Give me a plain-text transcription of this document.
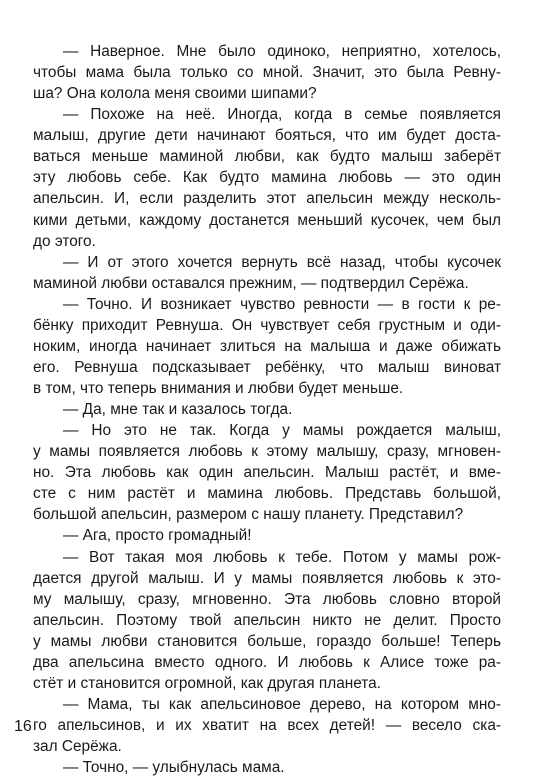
— Наверное. Мне было одиноко, неприятно, хотелось,
чтобы мама была только со мной. Значит, это была Ревну-
ша? Она колола меня своими шипами?
— Похоже на неё. Иногда, когда в семье появляется
малыш, другие дети начинают бояться, что им будет доста-
ваться меньше маминой любви, как будто малыш заберёт
эту любовь себе. Как будто мамина любовь — это один
апельсин. И, если разделить этот апельсин между несколь-
кими детьми, каждому достанется меньший кусочек, чем был
до этого.
— И от этого хочется вернуть всё назад, чтобы кусочек
маминой любви оставался прежним, — подтвердил Серёжа.
— Точно. И возникает чувство ревности — в гости к ре-
бёнку приходит Ревнуша. Он чувствует себя грустным и оди-
ноким, иногда начинает злиться на малыша и даже обижать
его. Ревнуша подсказывает ребёнку, что малыш виноват
в том, что теперь внимания и любви будет меньше.
— Да, мне так и казалось тогда.
— Но это не так. Когда у мамы рождается малыш,
у мамы появляется любовь к этому малышу, сразу, мгновен-
но. Эта любовь как один апельсин. Малыш растёт, и вме-
сте с ним растёт и мамина любовь. Представь большой,
большой апельсин, размером с нашу планету. Представил?
— Ага, просто громадный!
— Вот такая моя любовь к тебе. Потом у мамы рож-
дается другой малыш. И у мамы появляется любовь к это-
му малышу, сразу, мгновенно. Эта любовь словно второй
апельсин. Поэтому твой апельсин никто не делит. Просто
у мамы любви становится больше, гораздо больше! Теперь
два апельсина вместо одного. И любовь к Алисе тоже ра-
стёт и становится огромной, как другая планета.
— Мама, ты как апельсиновое дерево, на котором мно-
го апельсинов, и их хватит на всех детей! — весело ска-
зал Серёжа.
— Точно, — улыбнулась мама.
16
